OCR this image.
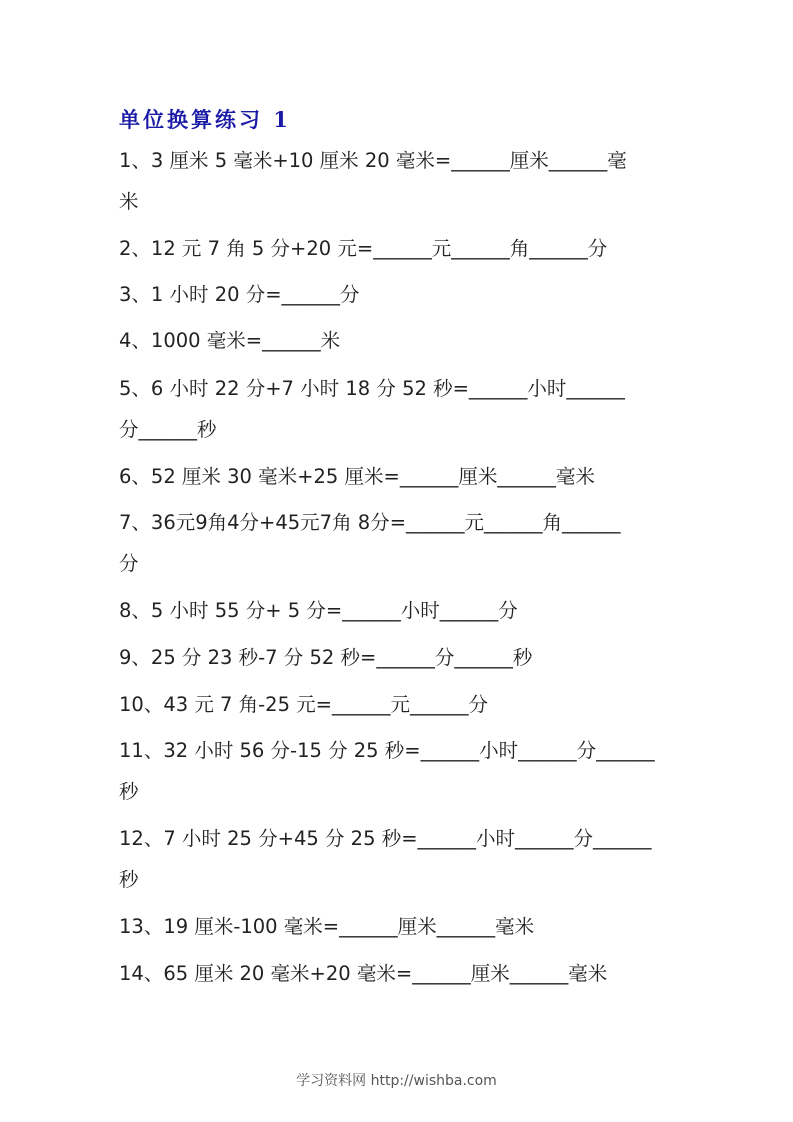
单位换算练习 1
1、3 厘米 5 毫米+10 厘米 20 毫米=______厘米______毫
米
2、12 元 7 角 5 分+20 元=______元______角______分
3、1 小时 20 分=______分
4、1000 毫米=______米
5、6 小时 22 分+7 小时 18 分 52 秒=______小时______
分______秒
6、52 厘米 30 毫米+25 厘米=______厘米______毫米
7、36元9角4分+45元7角 8分=______元______角______
分
8、5 小时 55 分+ 5 分=______小时______分
9、25 分 23 秒-7 分 52 秒=______分______秒
10、43 元 7 角-25 元=______元______分
11、32 小时 56 分-15 分 25 秒=______小时______分______
秒
12、7 小时 25 分+45 分 25 秒=______小时______分______
秒
13、19 厘米-100 毫米=______厘米______毫米
14、65 厘米 20 毫米+20 毫米=______厘米______毫米
学习资料网 http://wishba.com
